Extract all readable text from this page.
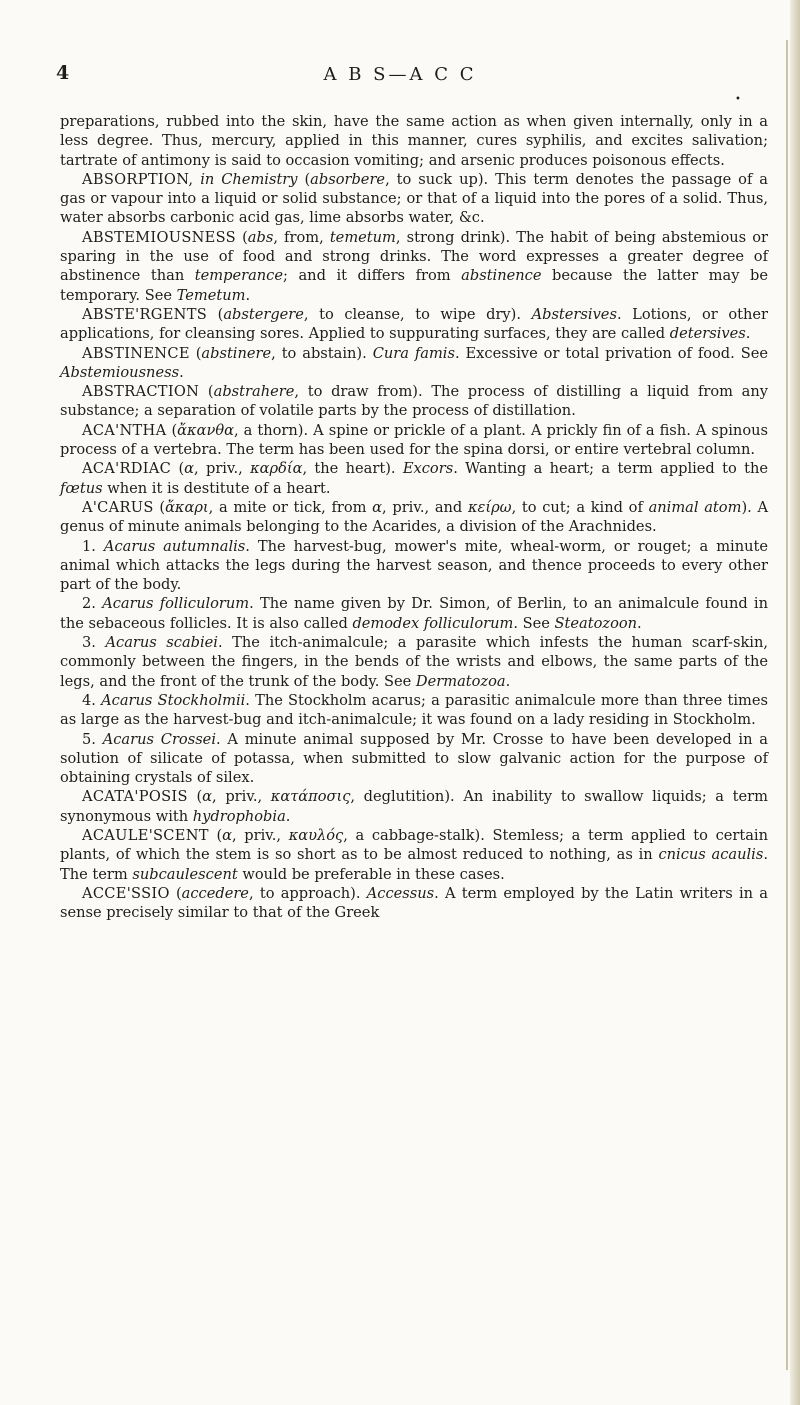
4	A B S—A C C
•

preparations, rubbed into the skin, have the same action as when given internally, only in a less degree. Thus, mercury, applied in this manner, cures syphilis, and excites salivation; tartrate of antimony is said to occasion vomiting; and arsenic produces poisonous effects.

ABSORPTION, in Chemistry (absorbere, to suck up). This term denotes the passage of a gas or vapour into a liquid or solid substance; or that of a liquid into the pores of a solid. Thus, water absorbs carbonic acid gas, lime absorbs water, &c.

ABSTEMIOUSNESS (abs, from, temetum, strong drink). The habit of being abstemious or sparing in the use of food and strong drinks. The word expresses a greater degree of abstinence than temperance; and it differs from abstinence because the latter may be temporary. See Temetum.

ABSTE'RGENTS (abstergere, to cleanse, to wipe dry). Abstersives. Lotions, or other applications, for cleansing sores. Applied to suppurating surfaces, they are called detersives.

ABSTINENCE (abstinere, to abstain). Cura famis. Excessive or total privation of food. See Abstemiousness.

ABSTRACTION (abstrahere, to draw from). The process of distilling a liquid from any substance; a separation of volatile parts by the process of distillation.

ACA'NTHA (ἄκανθα, a thorn). A spine or prickle of a plant. A prickly fin of a fish. A spinous process of a vertebra. The term has been used for the spina dorsi, or entire vertebral column.

ACA'RDIAC (α, priv., καρδία, the heart). Excors. Wanting a heart; a term applied to the fœtus when it is destitute of a heart.

A'CARUS (ἄκαρι, a mite or tick, from α, priv., and κείρω, to cut; a kind of animal atom). A genus of minute animals belonging to the Acarides, a division of the Arachnides.

1. Acarus autumnalis. The harvest-bug, mower's mite, wheal-worm, or rouget; a minute animal which attacks the legs during the harvest season, and thence proceeds to every other part of the body.

2. Acarus folliculorum. The name given by Dr. Simon, of Berlin, to an animalcule found in the sebaceous follicles. It is also called demodex folliculorum. See Steatozoon.

3. Acarus scabiei. The itch-animalcule; a parasite which infests the human scarf-skin, commonly between the fingers, in the bends of the wrists and elbows, the same parts of the legs, and the front of the trunk of the body. See Dermatozoa.

4. Acarus Stockholmii. The Stockholm acarus; a parasitic animalcule more than three times as large as the harvest-bug and itch-animalcule; it was found on a lady residing in Stockholm.

5. Acarus Crossei. A minute animal supposed by Mr. Crosse to have been developed in a solution of silicate of potassa, when submitted to slow galvanic action for the purpose of obtaining crystals of silex.

ACATA'POSIS (α, priv., κατάποσις, deglutition). An inability to swallow liquids; a term synonymous with hydrophobia.

ACAULE'SCENT (α, priv., καυλός, a cabbage-stalk). Stemless; a term applied to certain plants, of which the stem is so short as to be almost reduced to nothing, as in cnicus acaulis. The term subcaulescent would be preferable in these cases.

ACCE'SSIO (accedere, to approach). Accessus. A term employed by the Latin writers in a sense precisely similar to that of the Greek
